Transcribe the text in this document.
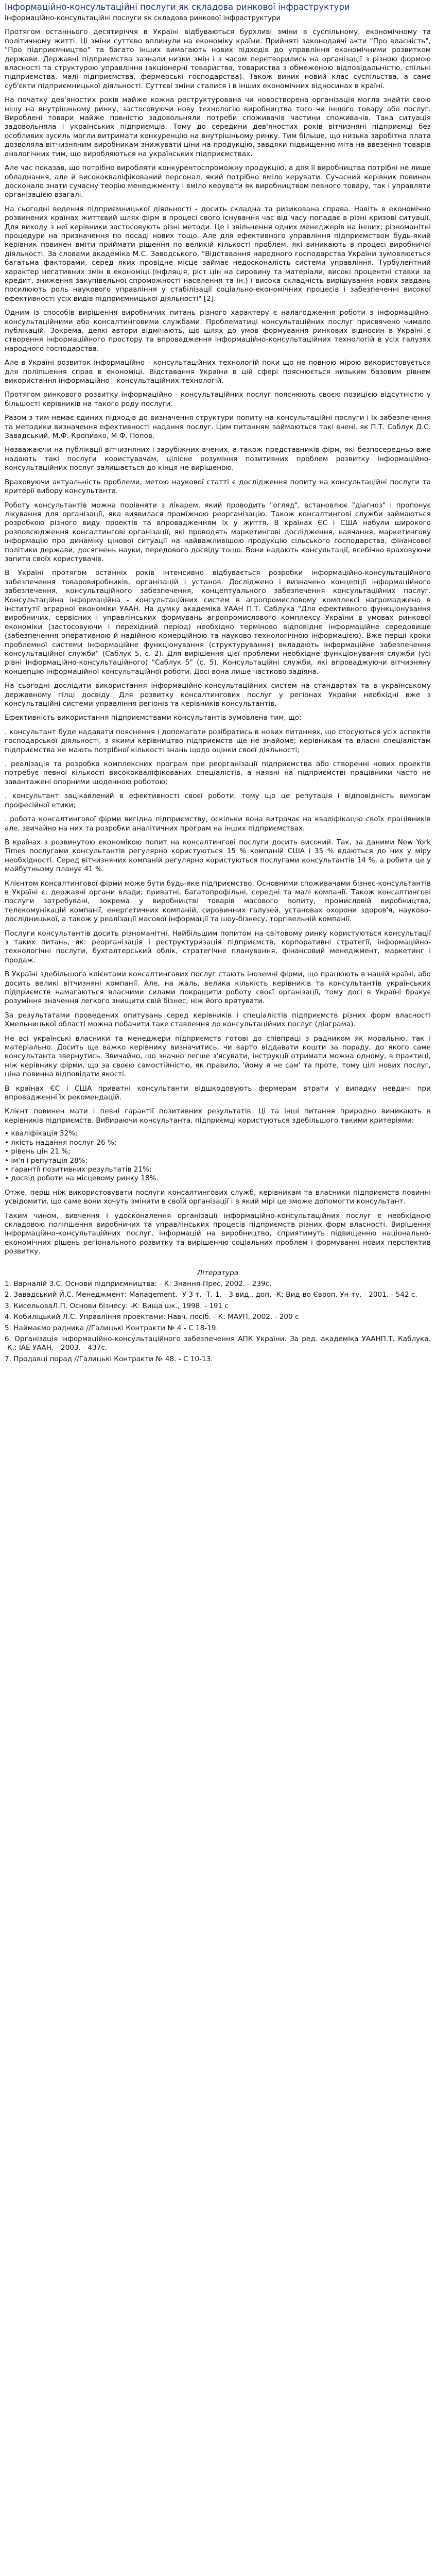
Інформаційно-консультаційні послуги як складова ринкової інфраструктури

Інформаційно-консультаційні послуги як складова ринкової інфраструктури

Протягом останнього десятиріччя в Україні відбуваються бурхливі зміни в суспільному, економічному та політичному житті. Ці зміни суттєво вплинули на економіку країни. Прийняті законодавчі акти "Про власність", "Про підприємництво" та багато інших вимагають нових підходів до управління економічними розвитком держави. Державні підприємства зазнали низки змін і з часом перетворились на організації з різною формою власності та структурою управління (акціонерні товариства, товариства з обмеженою відповідальністю, спільні підприємства, малі підприємства, фермерські господарства). Також виник новий клас суспільства, а саме суб'єкти підприємницької діяльності. Суттєві зміни сталися і в інших економічних відносинах в країні.

На початку дев'яностих років майже кожна реструктурована чи новостворена організація могла знайти свою нішу на внутрішньому ринку, застосовуючи нову технологію виробництва того чи іншого товару або послуг. Вироблені товари майже повністю задовольняли потреби споживачів частини споживачів. Така ситуація задовольняла і українських підприємців. Тому до середини дев'яностих років вітчизняні підприємці без особливих зусиль могли витримати конкуренцію на внутрішньому ринку. Тим більше, що низька заробітна плата дозволяла вітчизняним виробникам знижувати ціни на продукцію, завдяки підвищенню міта на ввезення товарів аналогічних тим, що виробляються на українських підприємствах.

Але час показав, що потрібно виробляти конкурентоспроможну продукцію, а для її виробництва потрібні не лише обладнання, але й висококваліфікований персонал, який потрібно вміло керувати. Сучасний керівник повинен досконало знати сучасну теорію менеджменту і вміло керувати як виробництвом певного товару, так і управляти організацією взагалі.

На сьогодні ведення підприємницької діяльності - досить складна та ризикована справа. Навіть в економічно розвинених країнах життєвий шлях фірм в процесі свого існування час від часу попадає в різні кризові ситуації. Для виходу з неї керівники застосовують різні методи. Це і звільнення одних менеджерів на інших; різноманітні процедури на призначення по посаді нових тощо. Але для ефективного управління підприємством будь-який керівник повинен вміти приймати рішення по великій кількості проблем, які виникають в процесі виробничої діяльності. За словами академіка М.С. Заводського, "Відставання народного господарства України зумовлюється багатьма факторами, серед яких провідне місце займає недосконалість системи управління. Турбулентний характер негативних змін в економіці (інфляція, ріст цін на сировину та матеріали, високі процентні ставки за кредит, зниження закупівельної спроможності населення та ін.) і висока складність вирішування нових завдань посилюють роль наукового управління у стабілізації соціально-економічних процесів і забезпеченні високої ефективності усіх видів підприємницької діяльності" [2].

Одним із способів вирішення виробничих питань різного характеру є налагодження роботи з інформаційно-консультаційними або консалтинговими службами. Проблематиці консультаційних послуг присвячено чимало публікацій. Зокрема, деякі автори відмічають, що шлях до умов формування ринкових відносин в Україні є створення інформаційного простору та впровадження інформаційно-консультаційних технологій в усіх галузях народного господарства.

Але в Україні розвиток інформаційно - консультаційних технологій поки що не повною мірою використовується для поліпшення справ в економіці. Відставання України в цій сфері пояснюється низьким базовим рівнем використання інформаційно - консультаційних технологій.

Протягом ринкового розвитку інформаційно - консультаційних послуг пояснюють своєю позицією відсутністю у більшості керівників на такого роду послуги.

Разом з тим немає єдиних підходів до визначення структури попиту на консультаційні послуги і їх забезпечення та методики визначення ефективності надання послуг. Цим питанням займаються такі вчені, як П.Т. Саблук Д.С. Завадський, М.Ф. Кропивко, М.Ф. Попов.

Незважаючи на публікації вітчизняних і зарубіжних вчених, а також представників фірм, які безпосередньо вже надають такі послуги користувачам, цілісне розуміння позитивних проблем розвитку інформаційно-консультаційних послуг залишається до кінця не вирішеною.

Враховуючи актуальність проблеми, метою наукової статті є дослідження попиту на консультаційні послуги та критерії вибору консультанта.

Роботу консультантів можна порівняти з лікарем, який проводить "огляд", встановлює "діагноз" і пропонує лікування для організації, яка виявилася проміжною реорганізацію. Також консалтингові служби займаються розробкою різного виду проектів та впровадженням їх у життя. В країнах ЄС і США набули широкого розповсюдження консалтингові організації, які проводять маркетингові дослідження, навчання, маркетингову інформацію про динаміку цінової ситуації на найважливішою продукцію сільського господарства, фінансової політики держави, досягнень науки, передового досвіду тощо. Вони надають консультації, всебічно враховуючи запити своїх користувачів.

В Україні протягом останніх років інтенсивно відбувається розробки інформаційно-консультаційного забезпечення товаровиробників, організацій і установ. Досліджено і визначено концепції інформаційного забезпечення, консультаційного забезпечення, концептуального забезпечення консультаційних послуг. Консультаційна інформаційна - консультаційних систем в агропромисловому комплексі нагромаджено в інститутії аграрної економіки УААН. На думку академіка УААН П.Т. Саблука "Для ефективного функціонування виробничих, сервісних і управлінських формувань агропромислового комплексу України в умовах ринкової економіки (застосовуючи і перехідний період) необхідно терміново відповідне інформаційне середовище (забезпечення оперативною й надійною комерційною та науково-технологічною інформацією). Вже перші кроки проблемної системи інформаційне функціонування (структурування) вкладають інформаційне забезпечення консультаційної служби" (Саблук 5, с. 2). Для вирішення цієї проблеми необхідне функціонування служби (усі рівні інформаційно-консультаційного) "Саблук 5" (с. 5). Консультаційні служби, які впроваджуючи вітчизняну концепцію інформаційної консультаційної роботи. Досі вона лише частково задіяна.

На сьогодні дослідити використання інформаційно-консультаційних систем на стандартах та в українському державному гілці досвіду. Для розвитку консалтингових послуг у регіонах України необхідні вже з консультаційні системи управління регіонів та керівників консультантів.

Ефективність використання підприємствами консультантів зумовлена тим, що:

. консультант буде надавати пояснення і допомагати розібратись в нових питаннях, що стосуються усіх аспектів господарської діяльності, з якими керівництво підприємств ще не знайоме; керівникам та власні спеціалістам підприємства не мають потрібної кількості знань щодо оцінки своєї діяльності;

. реалізація та розробка комплексних програм при реорганізації підприємства або створенні нових проектів потребує певної кількості висококваліфікованих спеціалістів, а наявні на підприємстві працівники часто не завантажені опорними щоденною роботою;

. консультант зацікавлений в ефективності своєї роботи, тому що це репутація і відповідність вимогам професійної етики;

. робота консалтингової фірми вигідна підприємству, оскільки вона витрачає на кваліфікацію своїх працівників але, звичайно на них та розробки аналітичних програм на інших підприємствах.

В країнах з розвинутою економікою попит на консалтингові послуги досить високий. Так, за даними New York Times послугами консультантів регулярно користуються 15 % компаній США і 35 % вдаються до них у міру необхідності. Серед вітчизняних компаній регулярно користуються послугами консультантів 14 %, а робити це у майбутньому планує 41 %.

Клієнтом консалтингової фірми може бути будь-яке підприємство. Основними споживачами бізнес-консультантів в Україні є: державні органи влади; приватні, багатопрофільні, середні та малі компанії. Також консалтингові послуги затребувані, зокрема у виробництві товарів масового попиту, промисловій виробництва, телекомунікацій компанії, енергетичних компаній, сировинних галузей, установах охорони здоров'я, науково-дослідницької, а також у реалізації масової інформації та шоу-бізнесу, торгівельній компанії.

Послуги консультантів досить різноманітні. Найбільшим попитом на світовому ринку користуються консультації з таких питань, як: реорганізація і реструктуризація підприємств, корпоративні стратегії, інформаційно-технологічні послуги, бухгалтерський облік, стратегічне планування, фінансовий менеджмент, маркетинг і продаж.

В Україні здебільшого клієнтами консалтингових послуг стають іноземні фірми, що працюють в нашій країні, або досить великі вітчизняні компанії. Але, на жаль, велика кількість керівників та консультантів українських підприємств намагаються власними силами покращити роботу своєї організації, тому досі в Україні бракує розуміння значення легкого знищити свій бізнес, ніж його врятувати.

За результатами проведених опитувань серед керівників і спеціалістів підприємств різних форм власності Хмельницької області можна побачити таке ставлення до консультаційних послуг (діаграма).

Не всі українські власники та менеджери підприємств готові до співпраці з радником як моральню, так і матеріально. Досить ще важко керівнику визначитись, чи варто віддавати кошти за пораду, до якого саме консультанта звернутись. Звичайно, що значно легше з'ясувати, інструкції отримати можна одному, в практиці, ніж керівнику фірми, що за своєю самостійністю, як правило, 'йому я не сам' та проте, тому цілі нових послуг, ціна повинна відповідати якості.

В країнах ЄС і США приватні консультанти відшкодовують фермерам втрати у випадку невдачі при впровадженні їх рекомендацій.

Клієнт повинен мати і певні гарантії позитивних результатів. Ці та інші питання природно виникають в керівників підприємств. Вибираючи консультанта, підприємці користуються здебільшого такими критеріями:

• кваліфікація 32%;

• якість надання послуг 26 %;

• рівень цін 21 %;

• ім'я і репутація 28%;

• гарантії позитивних результатів 21%;

• досвід роботи на місцевому ринку 18%.

Отже, перш ніж використовувати послуги консалтингових служб, керівникам та власники підприємств повинні усвідомити, що саме вони хочуть змінити в своїй організації і в який мірі це зможе допомогти консультант.

Таким чином, вивчення і удосконалення організації інформаційно-консультаційних послуг є необхідною складовою поліпшення виробничих та управлінських процесів підприємств різних форм власності. Вирішення інформаційно-консультаційних послуг, інформацій на виробництво, сприятимуть підвищенню національно-економічних рішень регіонального розвитку та вирішенню соціальних проблем і формуванні нових перспектив розвитку.

Література

1. Варналій З.С. Основи підприємництва: - К: Знання-Прес, 2002. - 239с.

2. Завадський Й.С. Менеджмент: Management. -У 3 т. -Т. 1. - 3 вид., доп. -К: Вид-во Європ. Ун-ту. - 2001. - 542 с.

3. КисельоваЛ.П. Основи бізнесу: -К: Вища шк., 1998. - 191 с

4. Кобиліцький Л.С. Управління проектами: Навч. посіб. - К: МАУП, 2002. - 200 с

5. Наймаємо радника //Галицькі Контракти № 4 - С 18-19.

6. Організація інформаційно-консультаційного забезпечення АПК України. За ред. академіка УААНП.Т. Каблука. -К.: ІАЕ УААН. - 2003. - 437с.

7. Продавці порад //Галицькі Контракти № 48. - С 10-13.
